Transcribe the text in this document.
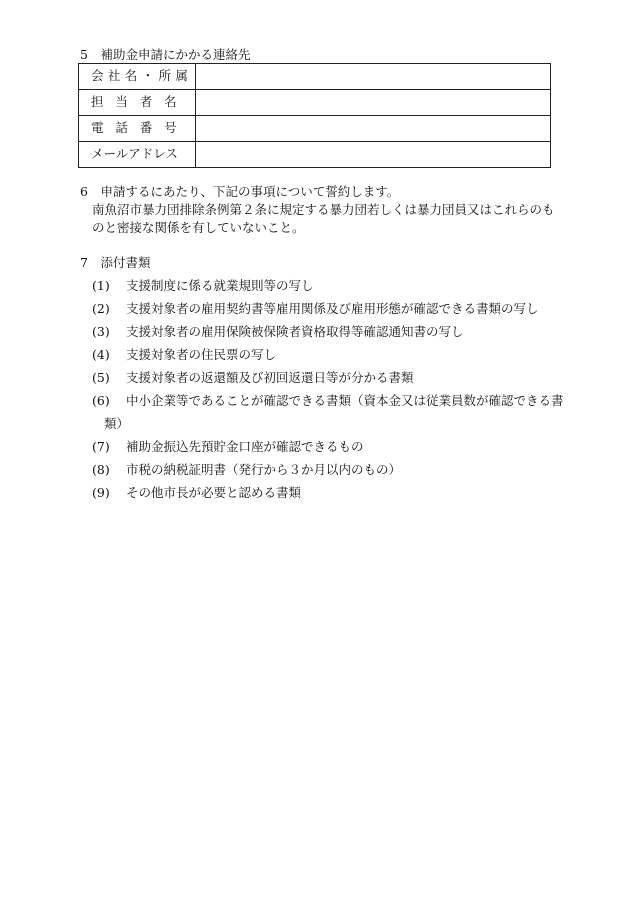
5　補助金申請にかかる連絡先
会社名・所属	
担当者名	
電話番号	
メールアドレス	
6　申請するにあたり、下記の事項について誓約します。
南魚沼市暴力団排除条例第２条に規定する暴力団若しくは暴力団員又はこれらのも
のと密接な関係を有していないこと。
7　添付書類
(1) 支援制度に係る就業規則等の写し
(2) 支援対象者の雇用契約書等雇用関係及び雇用形態が確認できる書類の写し
(3) 支援対象者の雇用保険被保険者資格取得等確認通知書の写し
(4) 支援対象者の住民票の写し
(5) 支援対象者の返還額及び初回返還日等が分かる書類
(6) 中小企業等であることが確認できる書類（資本金又は従業員数が確認できる書
類）
(7) 補助金振込先預貯金口座が確認できるもの
(8) 市税の納税証明書（発行から３か月以内のもの）
(9) その他市長が必要と認める書類
